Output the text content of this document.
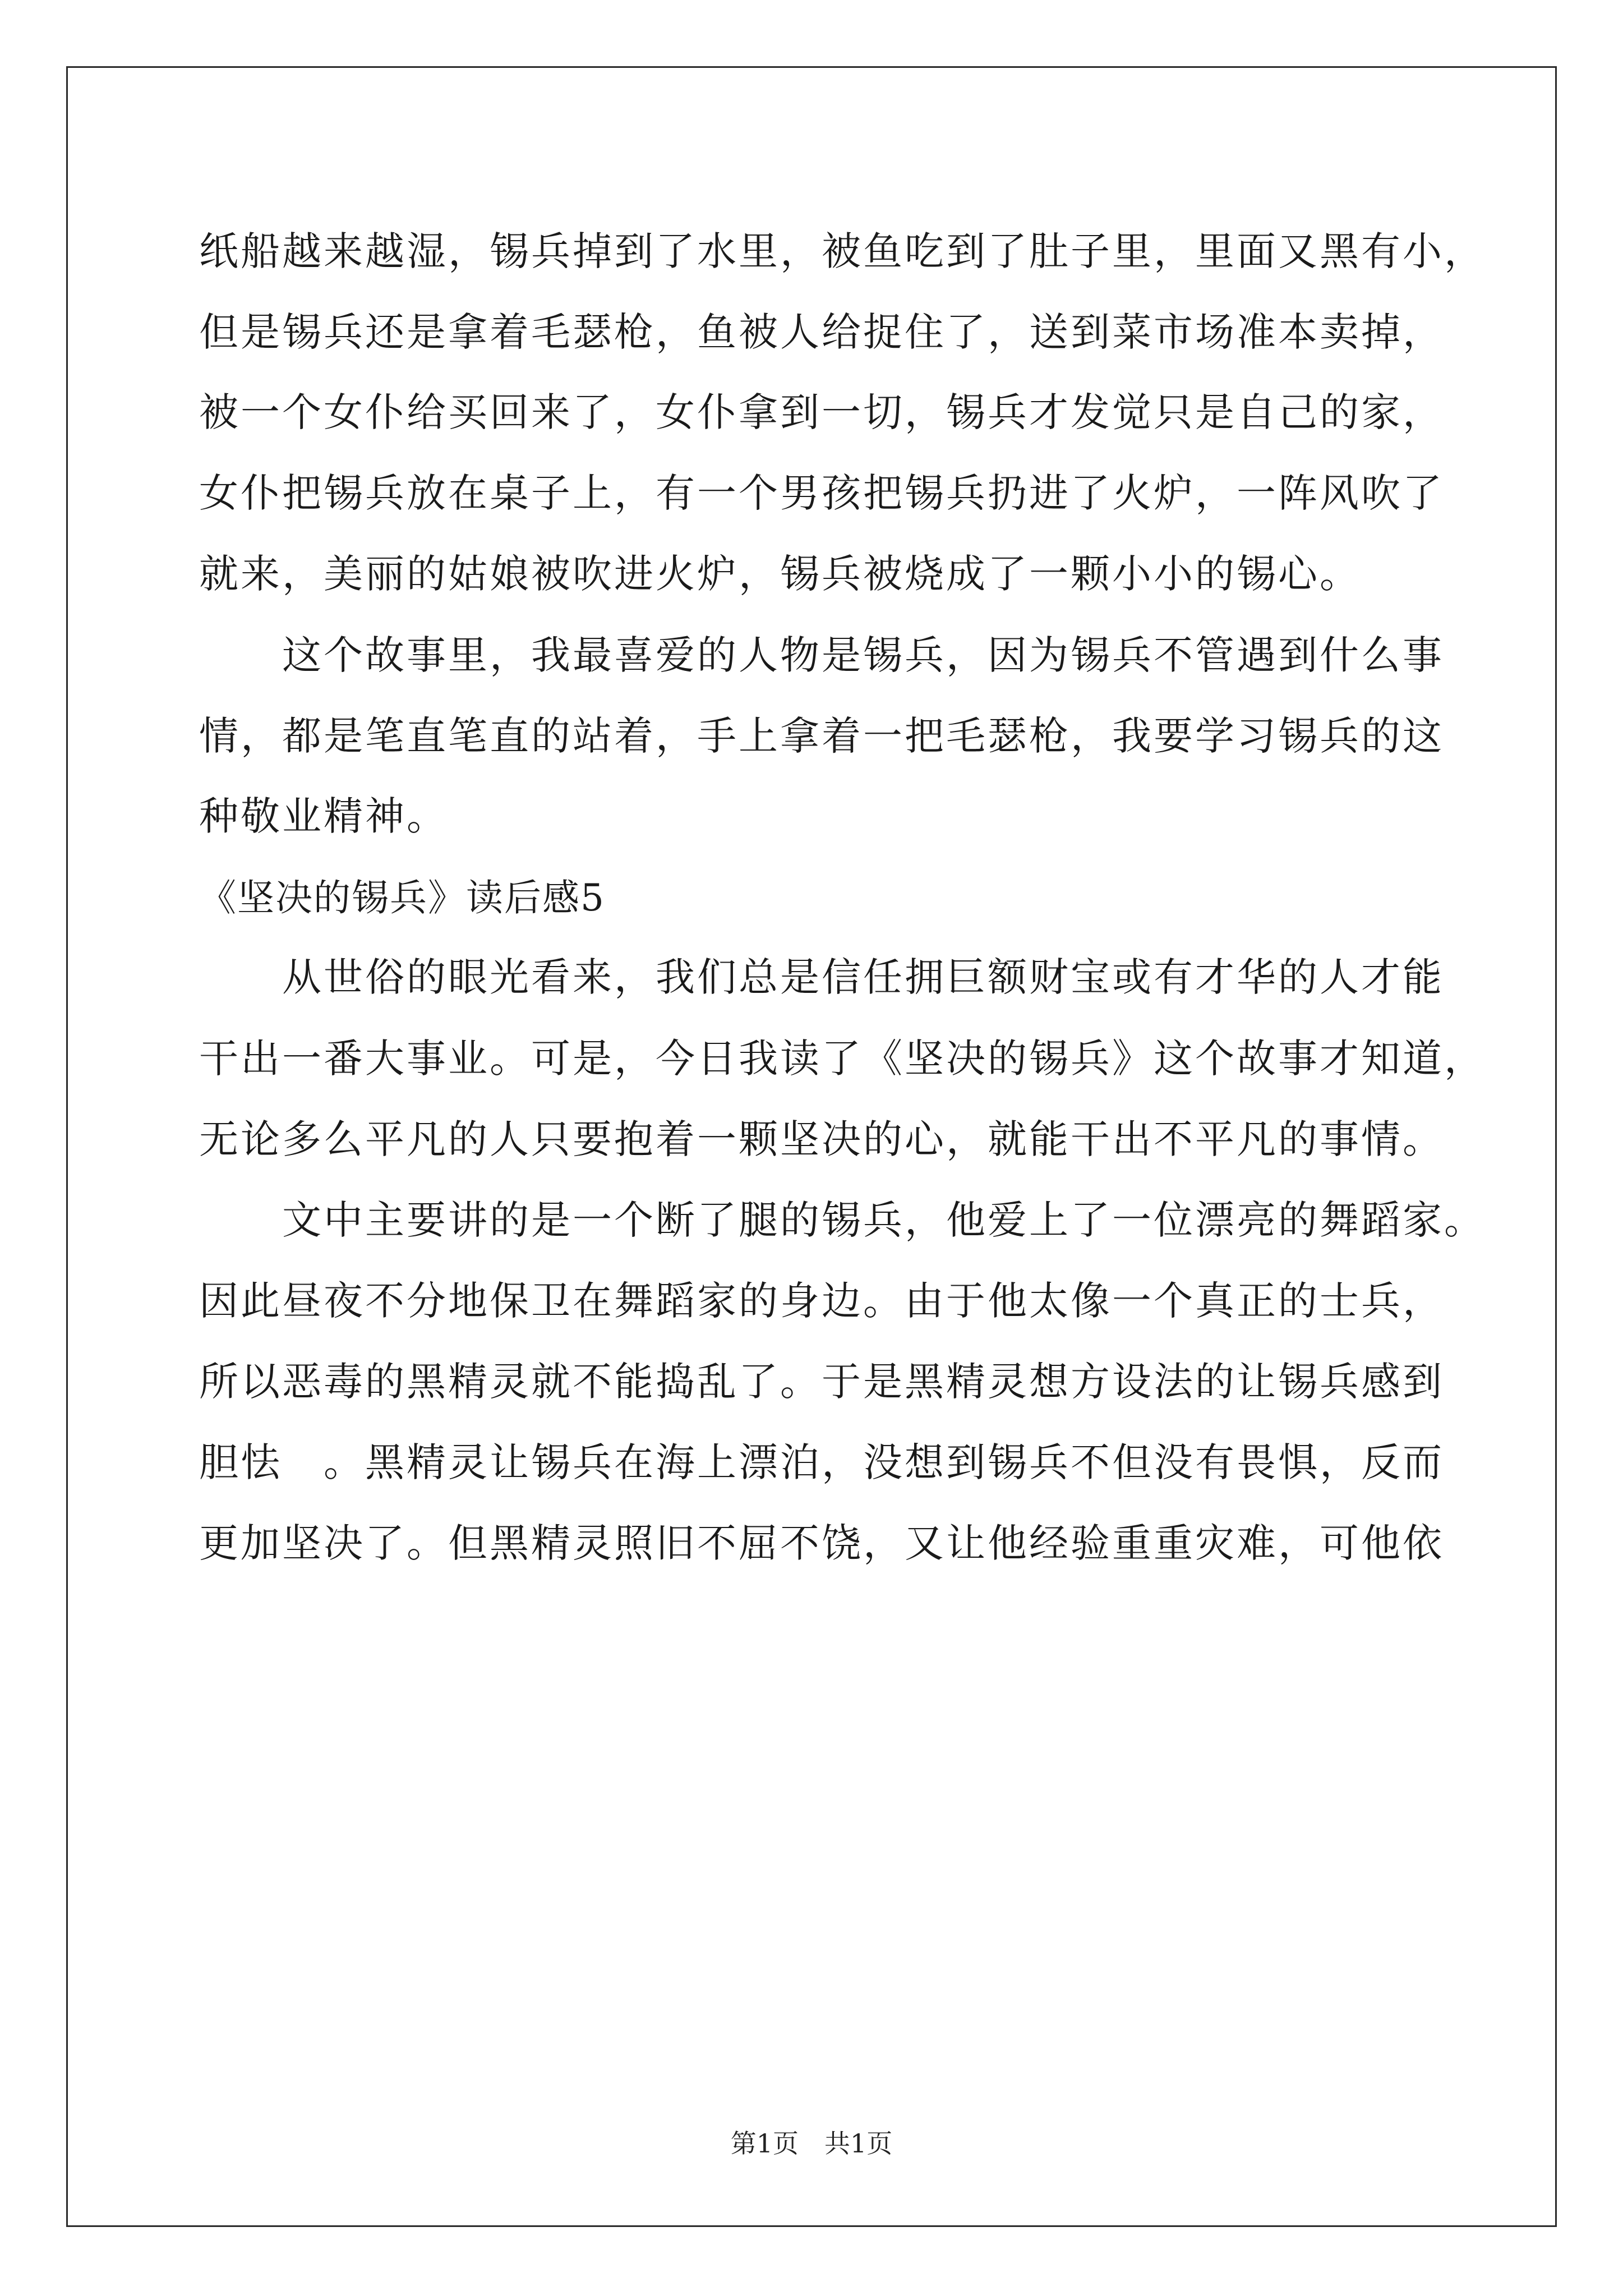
纸船越来越湿，锡兵掉到了水里，被鱼吃到了肚子里，里面又黑有小，
但是锡兵还是拿着毛瑟枪，鱼被人给捉住了，送到菜市场准本卖掉，
被一个女仆给买回来了，女仆拿到一切，锡兵才发觉只是自己的家，
女仆把锡兵放在桌子上，有一个男孩把锡兵扔进了火炉，一阵风吹了
就来，美丽的姑娘被吹进火炉，锡兵被烧成了一颗小小的锡心。
　　这个故事里，我最喜爱的人物是锡兵，因为锡兵不管遇到什么事
情，都是笔直笔直的站着，手上拿着一把毛瑟枪，我要学习锡兵的这
种敬业精神。
《坚决的锡兵》读后感5
　　从世俗的眼光看来，我们总是信任拥巨额财宝或有才华的人才能
干出一番大事业。可是，今日我读了《坚决的锡兵》这个故事才知道，
无论多么平凡的人只要抱着一颗坚决的心，就能干出不平凡的事情。
　　文中主要讲的是一个断了腿的锡兵，他爱上了一位漂亮的舞蹈家。
因此昼夜不分地保卫在舞蹈家的身边。由于他太像一个真正的士兵，
所以恶毒的黑精灵就不能捣乱了。于是黑精灵想方设法的让锡兵感到
胆怯　。黑精灵让锡兵在海上漂泊，没想到锡兵不但没有畏惧，反而
更加坚决了。但黑精灵照旧不屈不饶，又让他经验重重灾难，可他依
第1页　共1页
